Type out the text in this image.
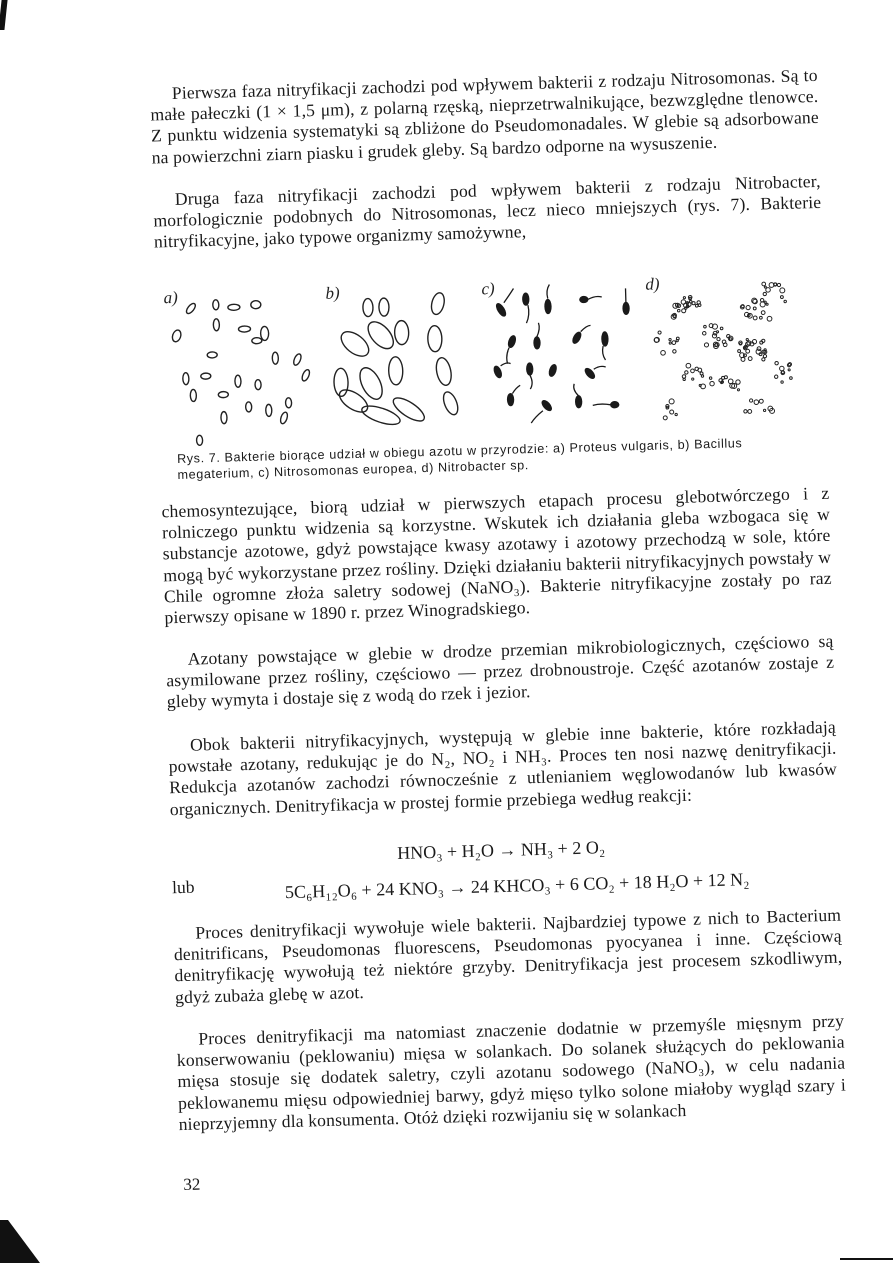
Pierwsza faza nitryfikacji zachodzi pod wpływem bakterii z rodzaju Nitrosomonas. Są to małe pałeczki (1 × 1,5 μm), z polarną rzęską, nieprzetrwalnikujące, bezwzględne tlenowce. Z punktu widzenia systematyki są zbliżone do Pseudomonadales. W glebie są adsorbowane na powierzchni ziarn piasku i grudek gleby. Są bardzo odporne na wysuszenie.

Druga faza nitryfikacji zachodzi pod wpływem bakterii z rodzaju Nitrobacter, morfologicznie podobnych do Nitrosomonas, lecz nieco mniejszych (rys. 7). Bakterie nitryfikacyjne, jako typowe organizmy samożywne,

a)	b)	c)	d)
Rys. 7. Bakterie biorące udział w obiegu azotu w przyrodzie: a) Proteus vulgaris, b) Bacillus megaterium, c) Nitrosomonas europea, d) Nitrobacter sp.

chemosyntezujące, biorą udział w pierwszych etapach procesu glebotwórczego i z rolniczego punktu widzenia są korzystne. Wskutek ich działania gleba wzbogaca się w substancje azotowe, gdyż powstające kwasy azotawy i azotowy przechodzą w sole, które mogą być wykorzystane przez rośliny. Dzięki działaniu bakterii nitryfikacyjnych powstały w Chile ogromne złoża saletry sodowej (NaNO₃). Bakterie nitryfikacyjne zostały po raz pierwszy opisane w 1890 r. przez Winogradskiego.

Azotany powstające w glebie w drodze przemian mikrobiologicznych, częściowo są asymilowane przez rośliny, częściowo — przez drobnoustroje. Część azotanów zostaje z gleby wymyta i dostaje się z wodą do rzek i jezior.

Obok bakterii nitryfikacyjnych, występują w glebie inne bakterie, które rozkładają powstałe azotany, redukując je do N₂, NO₂ i NH₃. Proces ten nosi nazwę denitryfikacji. Redukcja azotanów zachodzi równocześnie z utlenianiem węglowodanów lub kwasów organicznych. Denitryfikacja w prostej formie przebiega według reakcji:

HNO₃ + H₂O → NH₃ + 2 O₂
lub	5C₆H₁₂O₆ + 24 KNO₃ → 24 KHCO₃ + 6 CO₂ + 18 H₂O + 12 N₂

Proces denitryfikacji wywołuje wiele bakterii. Najbardziej typowe z nich to Bacterium denitrificans, Pseudomonas fluorescens, Pseudomonas pyocyanea i inne. Częściową denitryfikację wywołują też niektóre grzyby. Denitryfikacja jest procesem szkodliwym, gdyż zubaża glebę w azot.

Proces denitryfikacji ma natomiast znaczenie dodatnie w przemyśle mięsnym przy konserwowaniu (peklowaniu) mięsa w solankach. Do solanek służących do peklowania mięsa stosuje się dodatek saletry, czyli azotanu sodowego (NaNO₃), w celu nadania peklowanemu mięsu odpowiedniej barwy, gdyż mięso tylko solone miałoby wygląd szary i nieprzyjemny dla konsumenta. Otóż dzięki rozwijaniu się w solankach

32
